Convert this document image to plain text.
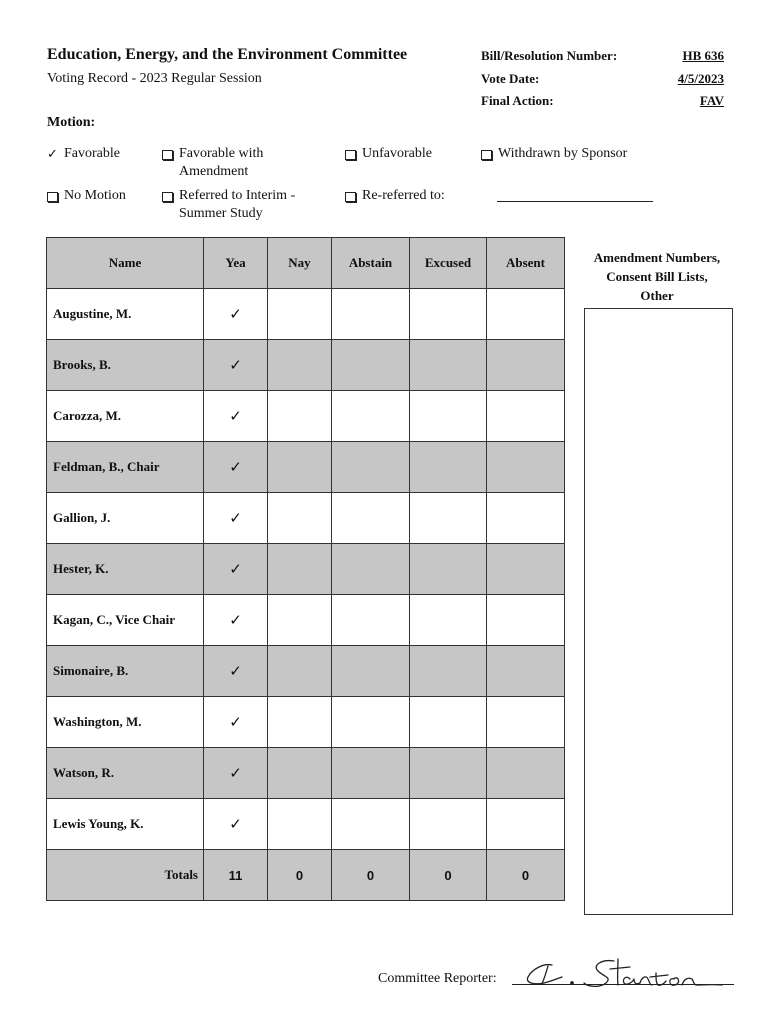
Education, Energy, and the Environment Committee
Voting Record - 2023 Regular Session
Motion:
Bill/Resolution Number:	HB 636
Vote Date:	4/5/2023
Final Action:	FAV
✓ Favorable	Favorable with
Amendment
Unfavorable	Withdrawn by Sponsor
No Motion	Referred to Interim -
Summer Study
Re-referred to:
Name	Yea	Nay	Abstain	Excused	Absent
Augustine, M.	✓				
Brooks, B.	✓				
Carozza, M.	✓				
Feldman, B., Chair	✓				
Gallion, J.	✓				
Hester, K.	✓				
Kagan, C., Vice Chair	✓				
Simonaire, B.	✓				
Washington, M.	✓				
Watson, R.	✓				
Lewis Young, K.	✓				
Totals	11	0	0	0	0
Amendment Numbers,
Consent Bill Lists,
Other
Committee Reporter:
